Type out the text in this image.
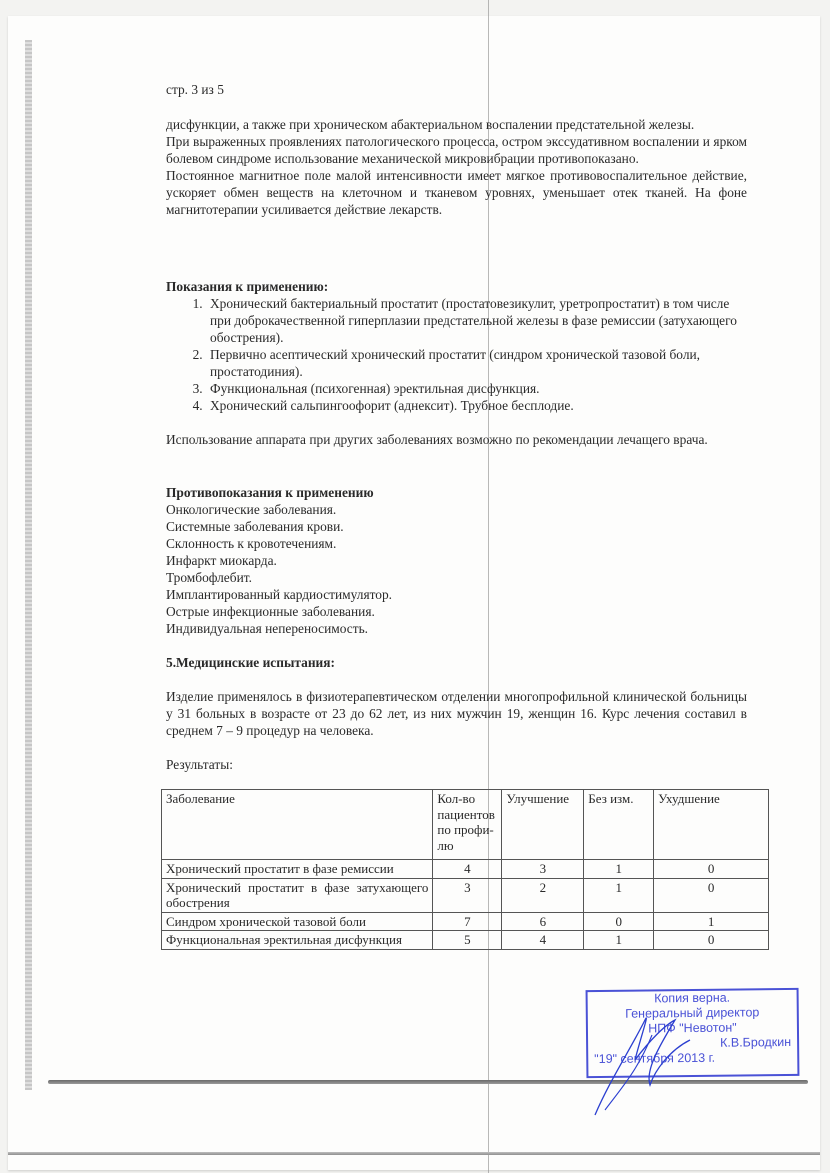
стр. 3 из 5

дисфункции, а также при хроническом абактериальном воспалении предстательной железы.

При выраженных проявлениях патологического процесса, остром экссудативном воспалении и ярком болевом синдроме использование механической микровибрации противопоказано.

Постоянное магнитное поле малой интенсивности имеет мягкое противовоспалительное действие, ускоряет обмен веществ на клеточном и тканевом уровнях, уменьшает отек тканей. На фоне магнитотерапии усиливается действие лекарств.

Показания к применению:
1. Хронический бактериальный простатит (простатовезикулит, уретропростатит) в том числе при доброкачественной гиперплазии предстательной железы в фазе ремиссии (затухающего обострения).
2. Первично асептический хронический простатит (синдром хронической тазовой боли, простатодиния).
3. Функциональная (психогенная) эректильная дисфункция.
4. Хронический сальпингоофорит (аднексит). Трубное бесплодие.

Использование аппарата при других заболеваниях возможно по рекомендации лечащего врача.

Противопоказания к применению
Онкологические заболевания.
Системные заболевания крови.
Склонность к кровотечениям.
Инфаркт миокарда.
Тромбофлебит.
Имплантированный кардиостимулятор.
Острые инфекционные заболевания.
Индивидуальная непереносимость.
5.Медицинские испытания:

Изделие применялось в физиотерапевтическом отделении многопрофильной клинической больницы у 31 больных в возрасте от 23 до 62 лет, из них мужчин 19, женщин 16. Курс лечения составил в среднем 7 – 9 процедур на человека.

Результаты:

Заболевание	Кол-во пациентов по профи-лю	Улучшение	Без изм.	Ухудшение
Хронический простатит в фазе ремиссии	4	3	1	0
Хронический простатит в фазе затухающего обострения	3	2	1	0
Синдром хронической тазовой боли	7	6	0	1
Функциональная эректильная дисфункция	5	4	1	0
Копия верна.
Генеральный директор
НПФ "Невотон"
К.В.Бродкин
"19" сентября 2013 г.
